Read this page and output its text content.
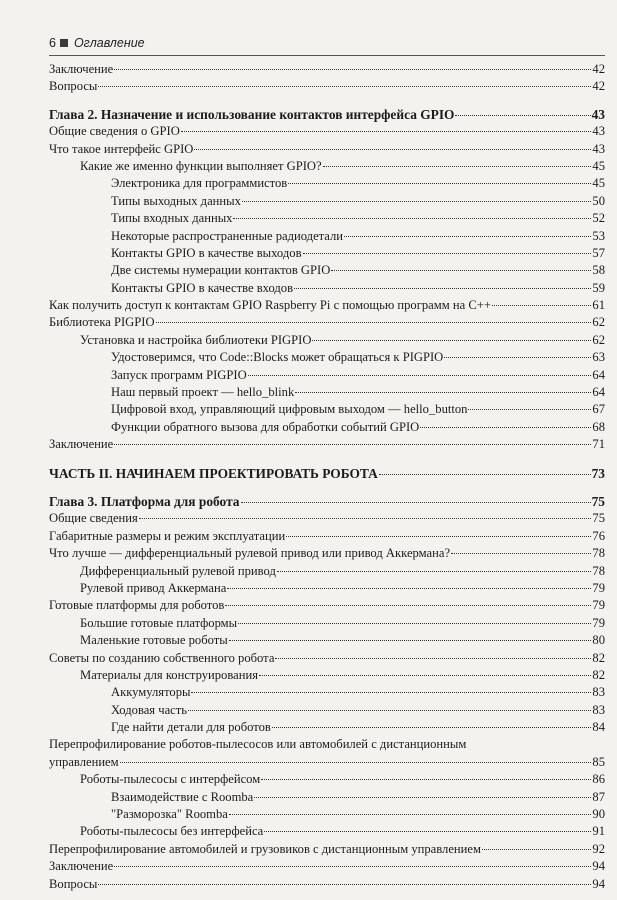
6 Оглавление
Заключение	42
Вопросы	42
Глава 2. Назначение и использование контактов интерфейса GPIO	43
Общие сведения о GPIO	43
Что такое интерфейс GPIO	43
Какие же именно функции выполняет GPIO?	45
Электроника для программистов	45
Типы выходных данных	50
Типы входных данных	52
Некоторые распространенные радиодетали	53
Контакты GPIO в качестве выходов	57
Две системы нумерации контактов GPIO	58
Контакты GPIO в качестве входов	59
Как получить доступ к контактам GPIO Raspberry Pi с помощью программ на C++	61
Библиотека PIGPIO	62
Установка и настройка библиотеки PIGPIO	62
Удостоверимся, что Code::Blocks может обращаться к PIGPIO	63
Запуск программ PIGPIO	64
Наш первый проект — hello_blink	64
Цифровой вход, управляющий цифровым выходом — hello_button	67
Функции обратного вызова для обработки событий GPIO	68
Заключение	71
ЧАСТЬ II. НАЧИНАЕМ ПРОЕКТИРОВАТЬ РОБОТА	73
Глава 3. Платформа для робота	75
Общие сведения	75
Габаритные размеры и режим эксплуатации	76
Что лучше — дифференциальный рулевой привод или привод Аккермана?	78
Дифференциальный рулевой привод	78
Рулевой привод Аккермана	79
Готовые платформы для роботов	79
Большие готовые платформы	79
Маленькие готовые роботы	80
Советы по созданию собственного робота	82
Материалы для конструирования	82
Аккумуляторы	83
Ходовая часть	83
Где найти детали для роботов	84
Перепрофилирование роботов-пылесосов или автомобилей с дистанционным
управлением	85
Роботы-пылесосы с интерфейсом	86
Взаимодействие с Roomba	87
"Разморозка" Roomba	90
Роботы-пылесосы без интерфейса	91
Перепрофилирование автомобилей и грузовиков с дистанционным управлением	92
Заключение	94
Вопросы	94
